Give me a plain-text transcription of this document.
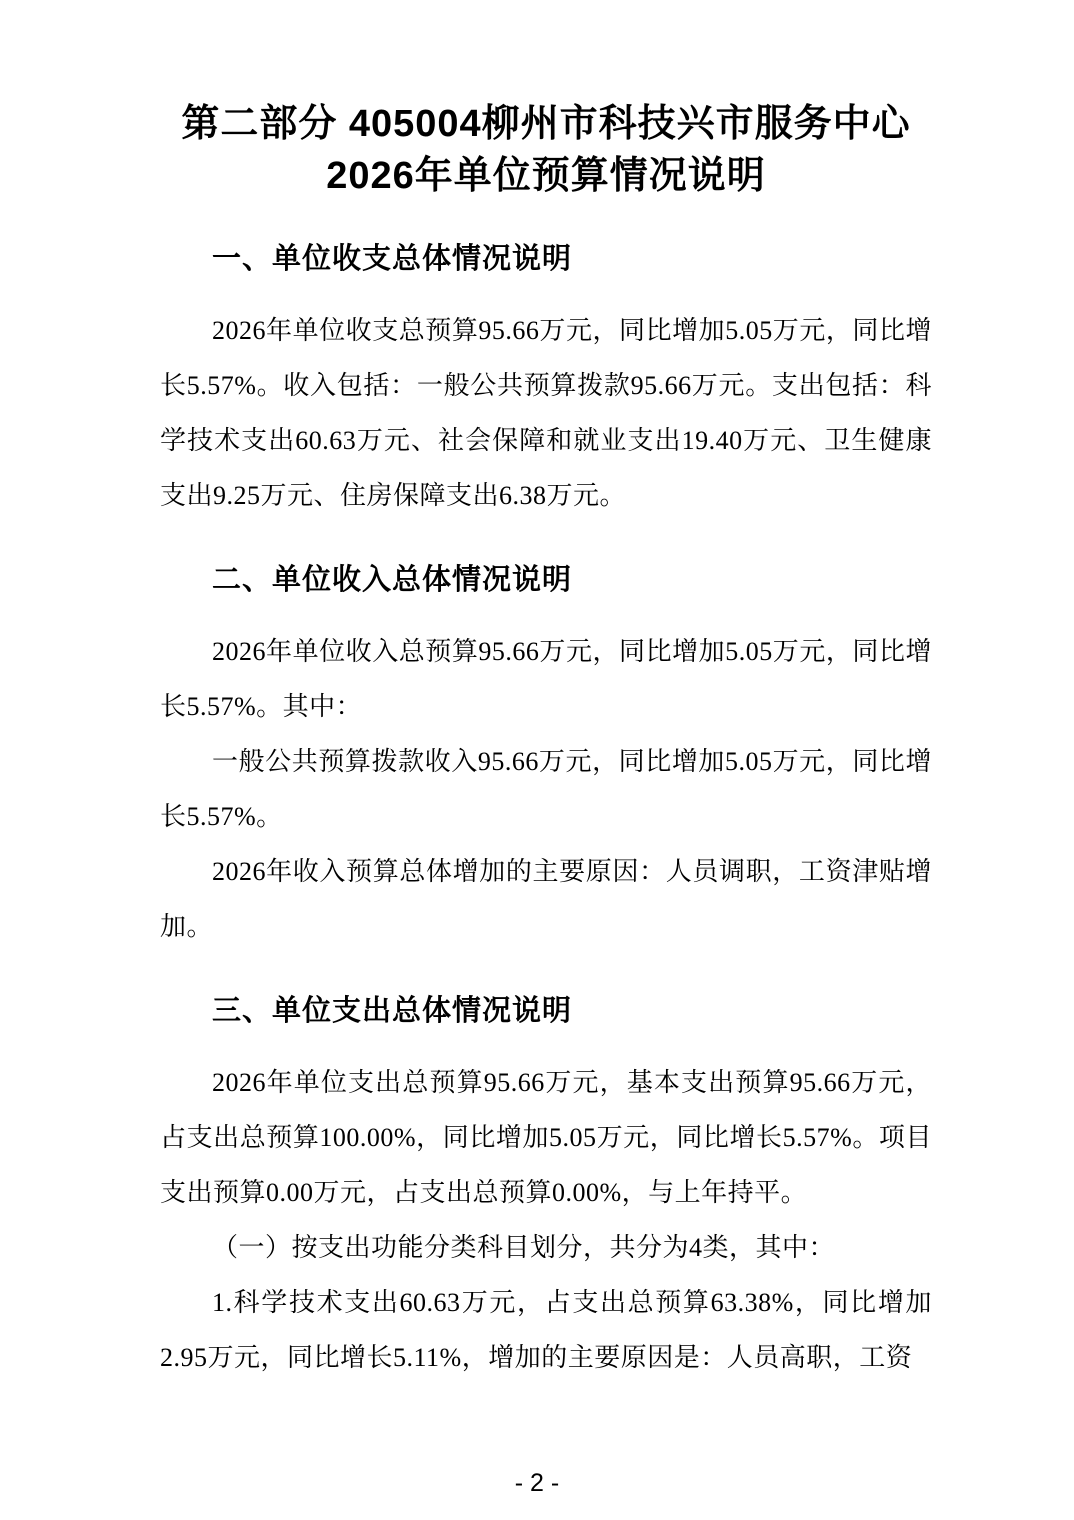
第二部分 405004柳州市科技兴市服务中心
2026年单位预算情况说明
一、单位收支总体情况说明

2026年单位收支总预算95.66万元，同比增加5.05万元，同比增长5.57%。收入包括：一般公共预算拨款95.66万元。支出包括：科学技术支出60.63万元、社会保障和就业支出19.40万元、卫生健康支出9.25万元、住房保障支出6.38万元。

二、单位收入总体情况说明

2026年单位收入总预算95.66万元，同比增加5.05万元，同比增长5.57%。其中：

一般公共预算拨款收入95.66万元，同比增加5.05万元，同比增长5.57%。

2026年收入预算总体增加的主要原因：人员调职，工资津贴增加。

三、单位支出总体情况说明

2026年单位支出总预算95.66万元，基本支出预算95.66万元，占支出总预算100.00%，同比增加5.05万元，同比增长5.57%。项目支出预算0.00万元，占支出总预算0.00%，与上年持平。

（一）按支出功能分类科目划分，共分为4类，其中：

1.科学技术支出60.63万元，占支出总预算63.38%，同比增加2.95万元，同比增长5.11%，增加的主要原因是：人员高职，工资

- 2 -
